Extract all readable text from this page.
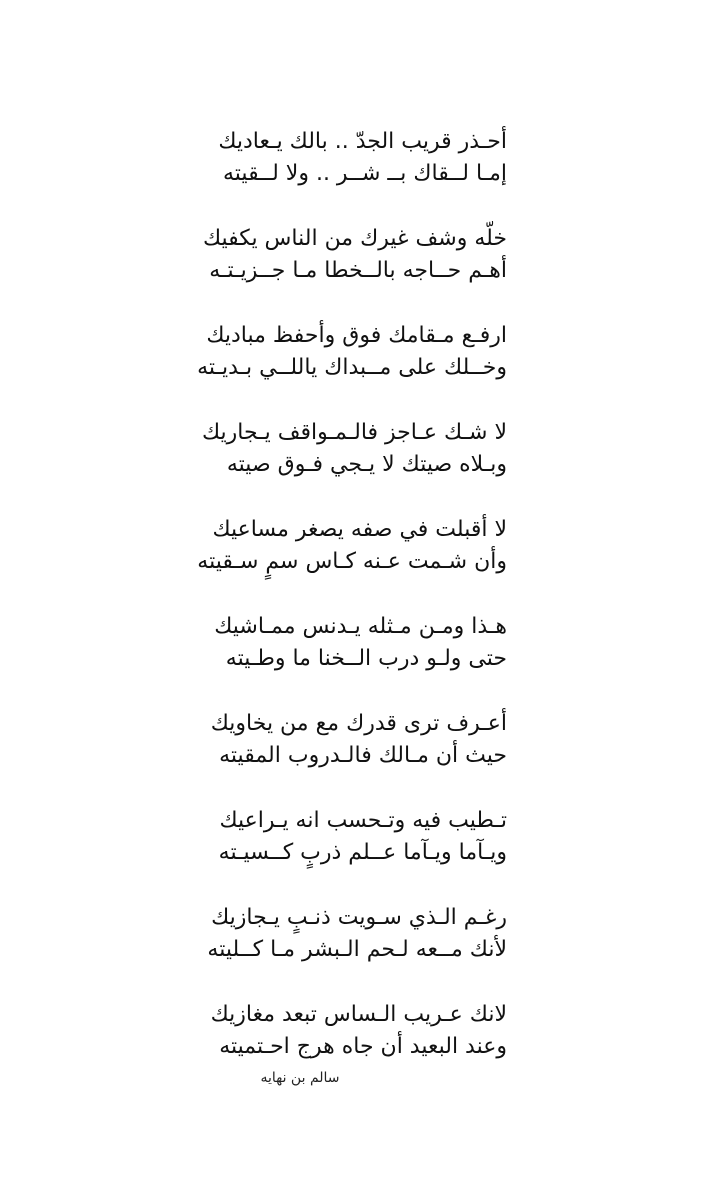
أحـذر قريب الجدّ .. بالك يـعاديك
إمـا لــقاك بــ شــر .. ولا لــقيته
خلّه وشف غيرك من الناس يكفيك
أهـم حــاجه بالــخطا مـا جــزيـتـه
ارفـع مـقامك فوق وأحفظ مباديك
وخــلك على مــبداك ياللــي بـديـته
لا شـك عـاجز فالـمـواقف يـجاريك
وبـلاه صيتك لا يـجي فـوق صيته
لا أقبلت في صفه يصغر مساعيك
وأن شـمت عـنه كـاس سمٍ سـقيته
هـذا ومـن مـثله يـدنس ممـاشيك
حتى ولـو درب الــخنا ما وطـيته
أعـرف ترى قدرك مع من يخاويك
حيث أن مـالك فالـدروب المقيته
تـطيب فيه وتـحسب انه يـراعيك
ويـآما ويـآما عــلم ذربٍ كــسيـته
رغـم الـذي سـويت ذنـبٍ يـجازيك
لأنك مــعه لـحم الـبشر مـا كــليته
لانك عـريب الـساس تبعد مغازيك
وعند البعيد أن جاه هرج احـتميته
سالم بن نهايه
